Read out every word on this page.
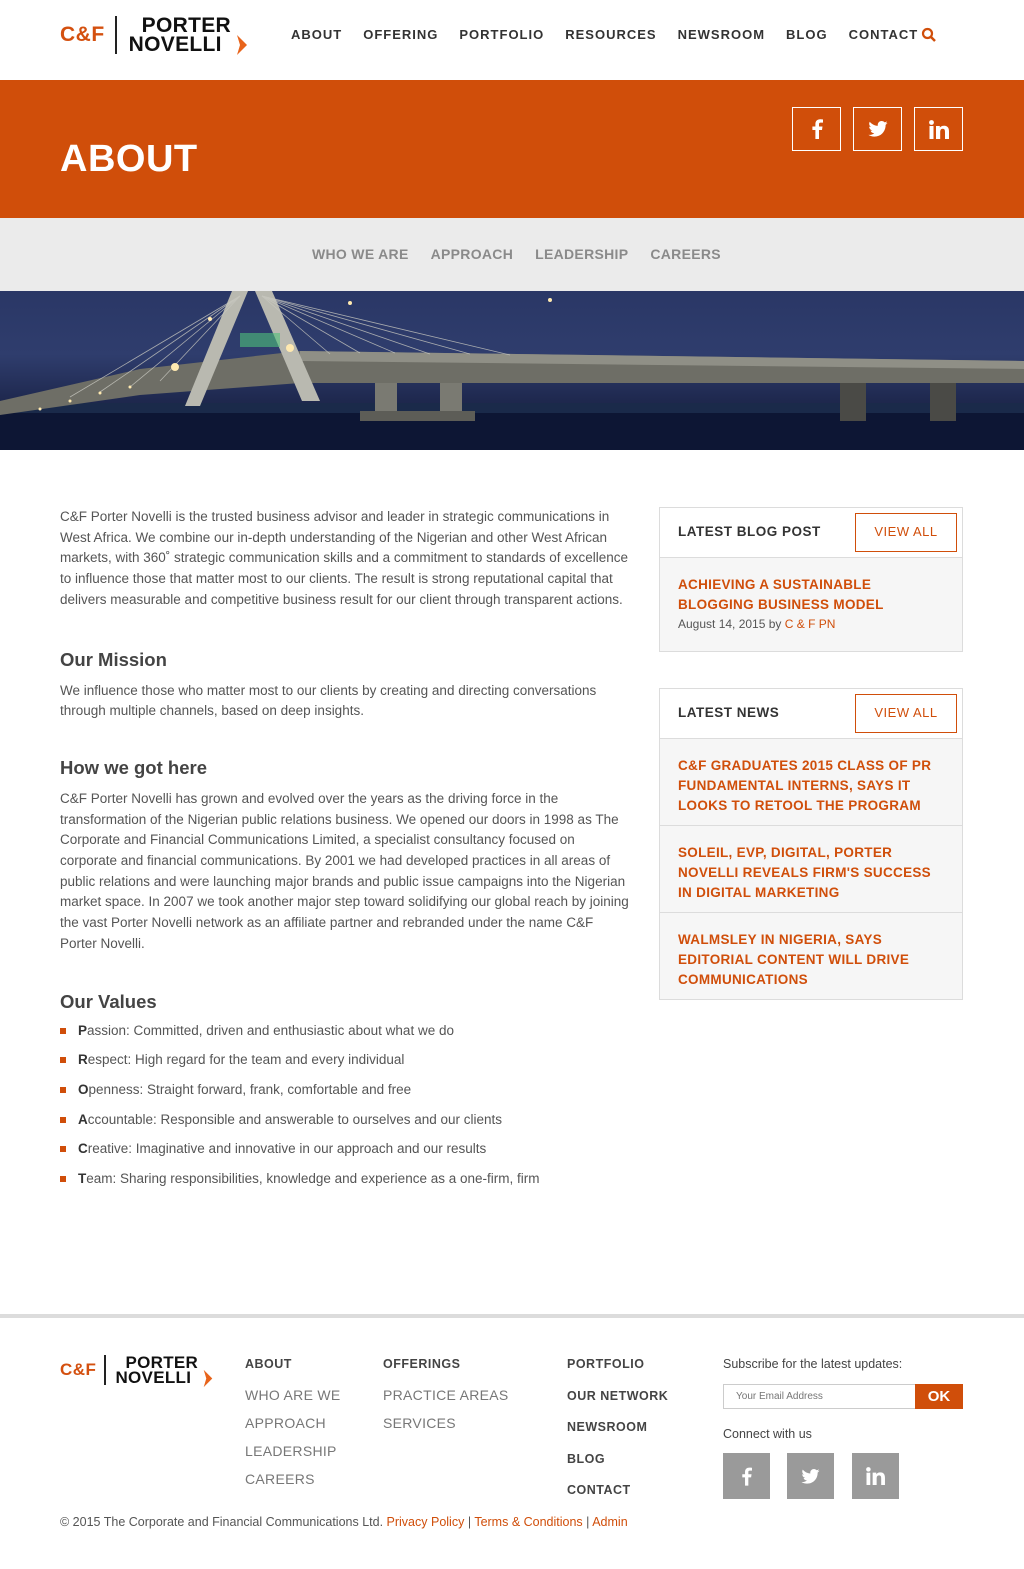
C&F	PORTER
NOVELLI	ABOUT OFFERING PORTFOLIO RESOURCES NEWSROOM BLOG CONTACT
ABOUT
WHO WE ARE APPROACH LEADERSHIP CAREERS

C&F Porter Novelli is the trusted business advisor and leader in strategic communications in West Africa. We combine our in-depth understanding of the Nigerian and other West African markets, with 360˚ strategic communication skills and a commitment to standards of excellence to influence those that matter most to our clients. The result is strong reputational capital that delivers measurable and competitive business result for our client through transparent actions.

Our Mission

We influence those who matter most to our clients by creating and directing conversations through multiple channels, based on deep insights.

How we got here

C&F Porter Novelli has grown and evolved over the years as the driving force in the transformation of the Nigerian public relations business. We opened our doors in 1998 as The Corporate and Financial Communications Limited, a specialist consultancy focused on corporate and financial communications. By 2001 we had developed practices in all areas of public relations and were launching major brands and public issue campaigns into the Nigerian market space. In 2007 we took another major step toward solidifying our global reach by joining the vast Porter Novelli network as an affiliate partner and rebranded under the name C&F Porter Novelli.

Our Values
Passion: Committed, driven and enthusiastic about what we do
Respect: High regard for the team and every individual
Openness: Straight forward, frank, comfortable and free
Accountable: Responsible and answerable to ourselves and our clients
Creative: Imaginative and innovative in our approach and our results
Team: Sharing responsibilities, knowledge and experience as a one-firm, firm
LATEST BLOG POST	VIEW ALL
ACHIEVING A SUSTAINABLE BLOGGING BUSINESS MODEL
August 14, 2015 by C & F PN
LATEST NEWS	VIEW ALL
C&F GRADUATES 2015 CLASS OF PR FUNDAMENTAL INTERNS, SAYS IT LOOKS TO RETOOL THE PROGRAM
SOLEIL, EVP, DIGITAL, PORTER NOVELLI REVEALS FIRM'S SUCCESS IN DIGITAL MARKETING
WALMSLEY IN NIGERIA, SAYS EDITORIAL CONTENT WILL DRIVE COMMUNICATIONS
C&F	PORTER
NOVELLI
ABOUT
WHO ARE WE
APPROACH
LEADERSHIP
CAREERS
OFFERINGS
PRACTICE AREAS
SERVICES
PORTFOLIO
OUR NETWORK
NEWSROOM
BLOG
CONTACT
Subscribe for the latest updates:
Your Email Address
OK
Connect with us
© 2015 The Corporate and Financial Communications Ltd. Privacy Policy | Terms & Conditions | Admin
